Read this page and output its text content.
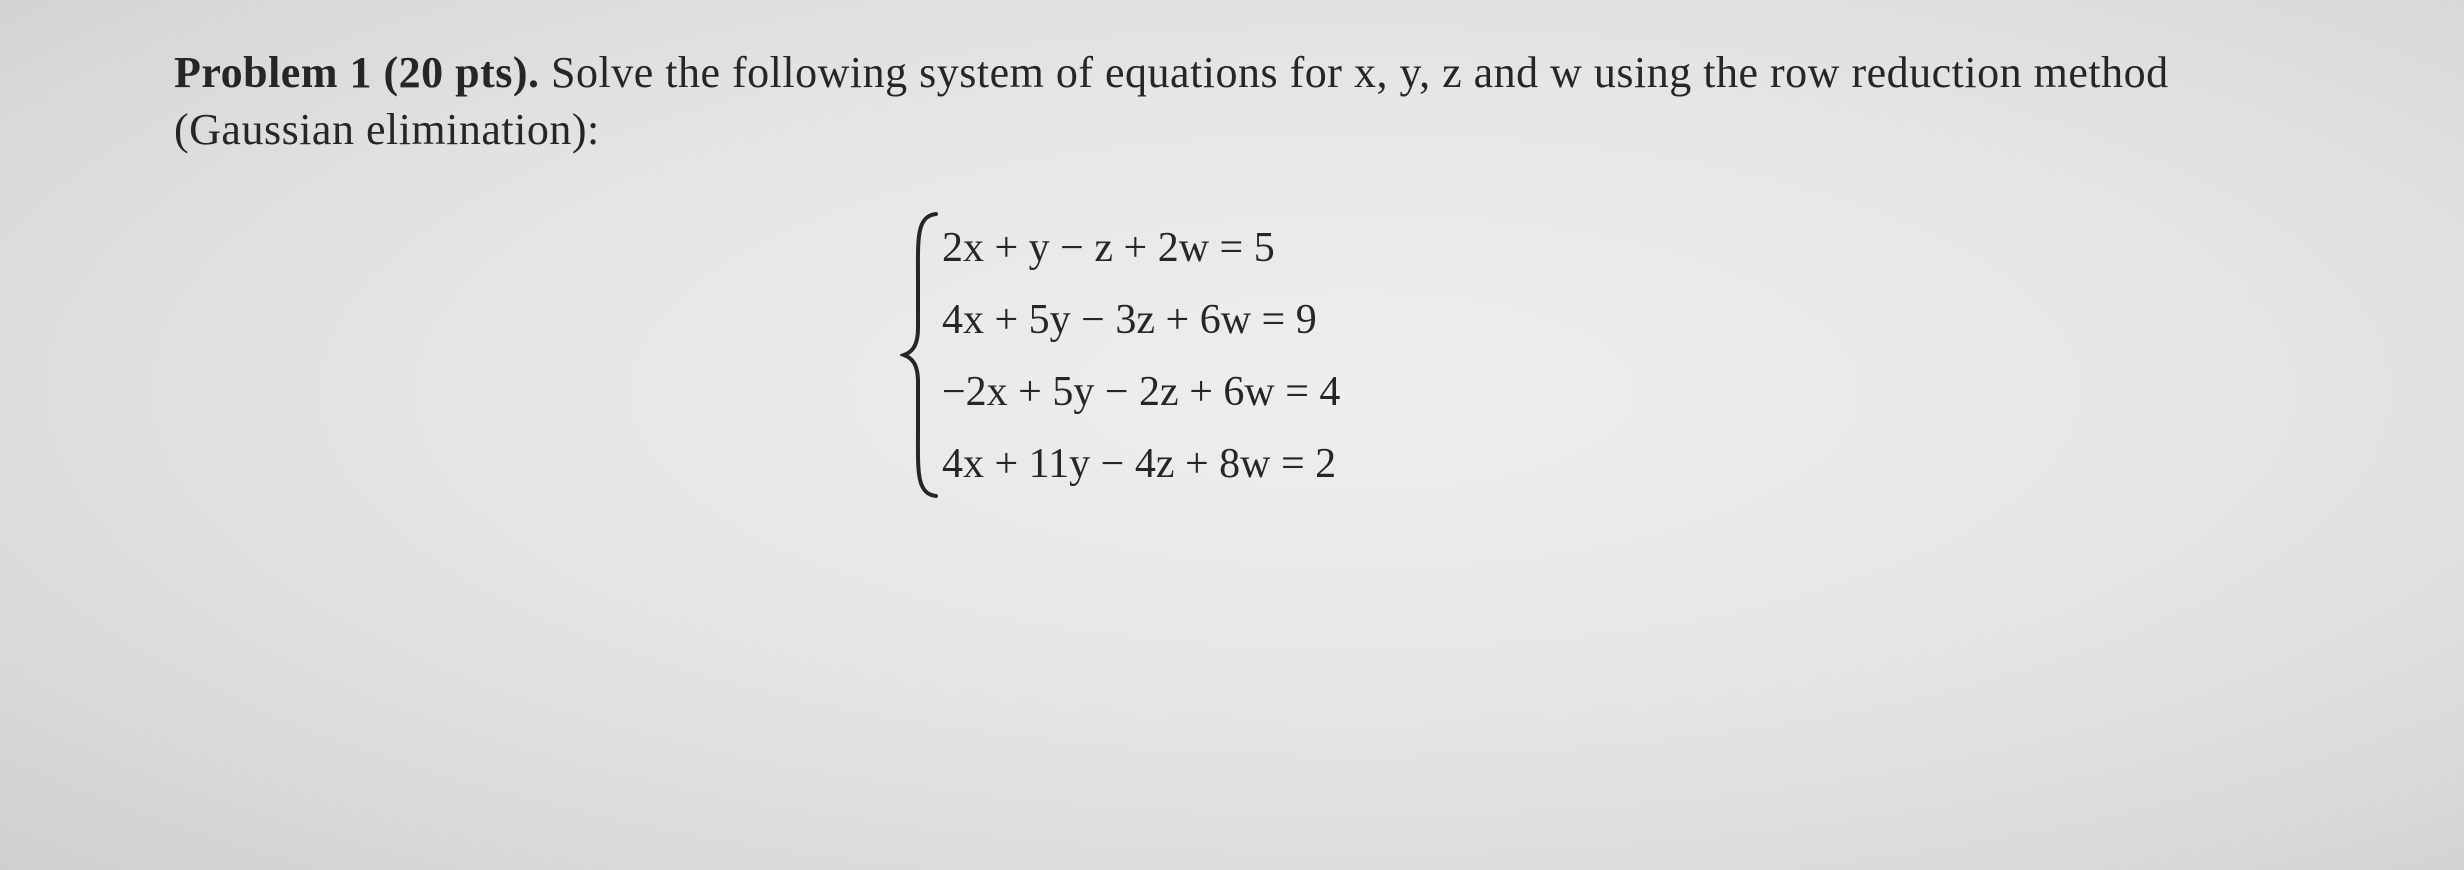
Problem 1 (20 pts). Solve the following system of equations for x, y, z and w using the row reduction method (Gaussian elimination):
2x + y − z + 2w = 5
4x + 5y − 3z + 6w = 9
−2x + 5y − 2z + 6w = 4
4x + 11y − 4z + 8w = 2
